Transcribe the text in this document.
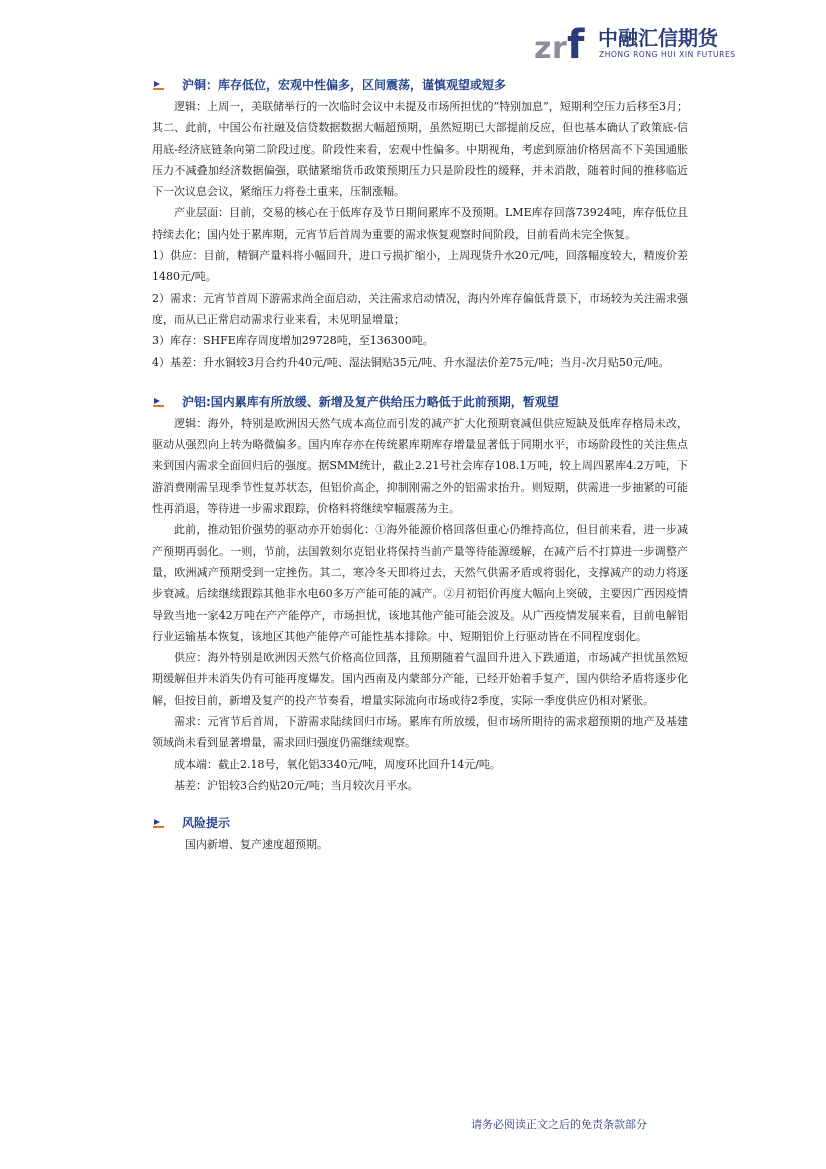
z r f 中融汇信期货
ZHONG RONG HUI XIN FUTURES
沪铜：库存低位，宏观中性偏多，区间震荡，谨慎观望或短多

逻辑：上周一，美联储举行的一次临时会议中未提及市场所担忧的“特别加息”，短期利空压力后移至3月；其二、此前，中国公布社融及信贷数据数据大幅超预期，虽然短期已大部提前反应，但也基本确认了政策底-信用底-经济底链条向第二阶段过度。阶段性来看，宏观中性偏多。中期视角，考虑到原油价格居高不下美国通胀压力不减叠加经济数据偏强，联储紧缩货币政策预期压力只是阶段性的缓释，并未消散，随着时间的推移临近下一次议息会议，紧缩压力将卷土重来，压制涨幅。

产业层面：目前，交易的核心在于低库存及节日期间累库不及预期。LME库存回落73924吨，库存低位且持续去化；国内处于累库期，元宵节后首周为重要的需求恢复观察时间阶段，目前看尚未完全恢复。

1）供应：目前，精铜产量料将小幅回升，进口亏损扩缩小，上周现货升水20元/吨，回落幅度较大，精废价差1480元/吨。

2）需求：元宵节首周下游需求尚全面启动，关注需求启动情况，海内外库存偏低背景下，市场较为关注需求强度，而从已正常启动需求行业来看，未见明显增量；

3）库存：SHFE库存周度增加29728吨，至136300吨。

4）基差：升水铜较3月合约升40元/吨、湿法铜贴35元/吨、升水湿法价差75元/吨；当月-次月贴50元/吨。

沪铝:国内累库有所放缓、新增及复产供给压力略低于此前预期，暂观望

逻辑：海外，特别是欧洲因天然气成本高位而引发的减产扩大化预期衰减但供应短缺及低库存格局未改，驱动从强烈向上转为略微偏多。国内库存亦在传统累库期库存增量显著低于同期水平，市场阶段性的关注焦点来到国内需求全面回归后的强度。据SMM统计，截止2.21号社会库存108.1万吨，较上周四累库4.2万吨，下游消费刚需呈现季节性复苏状态，但铝价高企，抑制刚需之外的铝需求抬升。则短期，供需进一步抽紧的可能性再消退，等待进一步需求跟踪，价格料将继续窄幅震荡为主。

此前，推动铝价强势的驱动亦开始弱化：①海外能源价格回落但重心仍维持高位，但目前来看，进一步减产预期再弱化。一则，节前，法国敦刻尔克铝业将保持当前产量等待能源缓解，在减产后不打算进一步调整产量，欧洲减产预期受到一定挫伤。其二，寒冷冬天即将过去，天然气供需矛盾或将弱化，支撑减产的动力将逐步衰减。后续继续跟踪其他非水电60多万产能可能的减产。②月初铝价再度大幅向上突破，主要因广西因疫情导致当地一家42万吨在产产能停产，市场担忧，该地其他产能可能会波及。从广西疫情发展来看，目前电解铝行业运输基本恢复，该地区其他产能停产可能性基本排除。中、短期铝价上行驱动皆在不同程度弱化。

供应：海外特别是欧洲因天然气价格高位回落，且预期随着气温回升进入下跌通道，市场减产担忧虽然短期缓解但并未消失仍有可能再度爆发。国内西南及内蒙部分产能，已经开始着手复产，国内供给矛盾将逐步化解，但按目前，新增及复产的投产节奏看，增量实际流向市场或待2季度，实际一季度供应仍相对紧张。

需求：元宵节后首周，下游需求陆续回归市场。累库有所放缓，但市场所期待的需求超预期的地产及基建领域尚未看到显著增量，需求回归强度仍需继续观察。

成本端：截止2.18号，氧化铝3340元/吨，周度环比回升14元/吨。

基差：沪铝较3合约贴20元/吨；当月较次月平水。

风险提示
国内新增、复产速度超预期。
请务必阅读正文之后的免责条款部分
